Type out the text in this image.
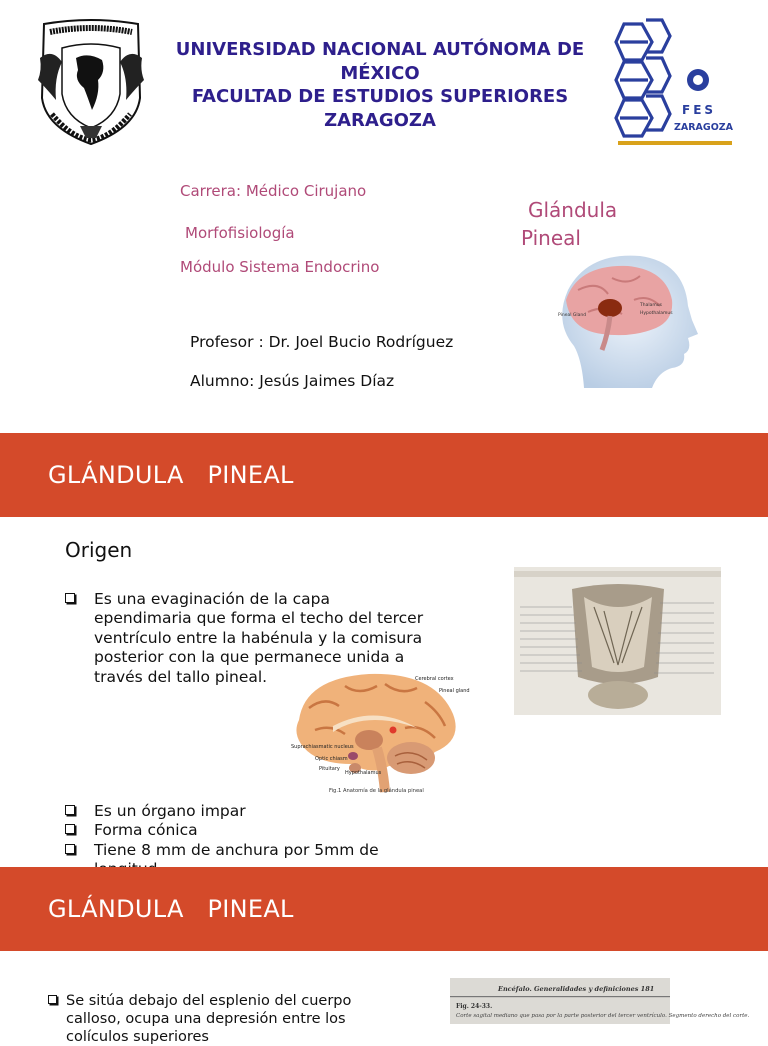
UNIVERSIDAD NACIONAL AUTÓNOMA DE
MÉXICO
FACULTAD DE ESTUDIOS SUPERIORES
ZARAGOZA	FES
ZARAGOZA
Carrera: Médico Cirujano
Morfofisiología
Módulo Sistema Endocrino
Glándula
Pineal
Thalamus
Hypothalamus
Pineal Gland
Profesor : Dr. Joel Bucio Rodríguez
Alumno: Jesús Jaimes Díaz
GLÁNDULA   PINEAL
Origen
Es una evaginación de la capa ependimaria que forma el techo del tercer ventrículo entre la habénula y la comisura posterior con la que permanece unida a través del tallo pineal.
Es un órgano impar
Forma cónica
Tiene 8 mm de anchura por 5mm de
Cerebral cortex
Pineal gland
Suprachiasmatic nucleus
Optic chiasm
Pituitary
Hypothalamus
Fig.1 Anatomía de la glándula pineal
GLÁNDULA   PINEAL
Se sitúa debajo del esplenio del cuerpo calloso, ocupa una depresión entre los colículos superiores
Encéfalo. Generalidades y definiciones 181
Fig. 24-33.
Corte sagital mediano que pasa por la parte posterior del tercer ventrículo. Segmento derecho del corte.
